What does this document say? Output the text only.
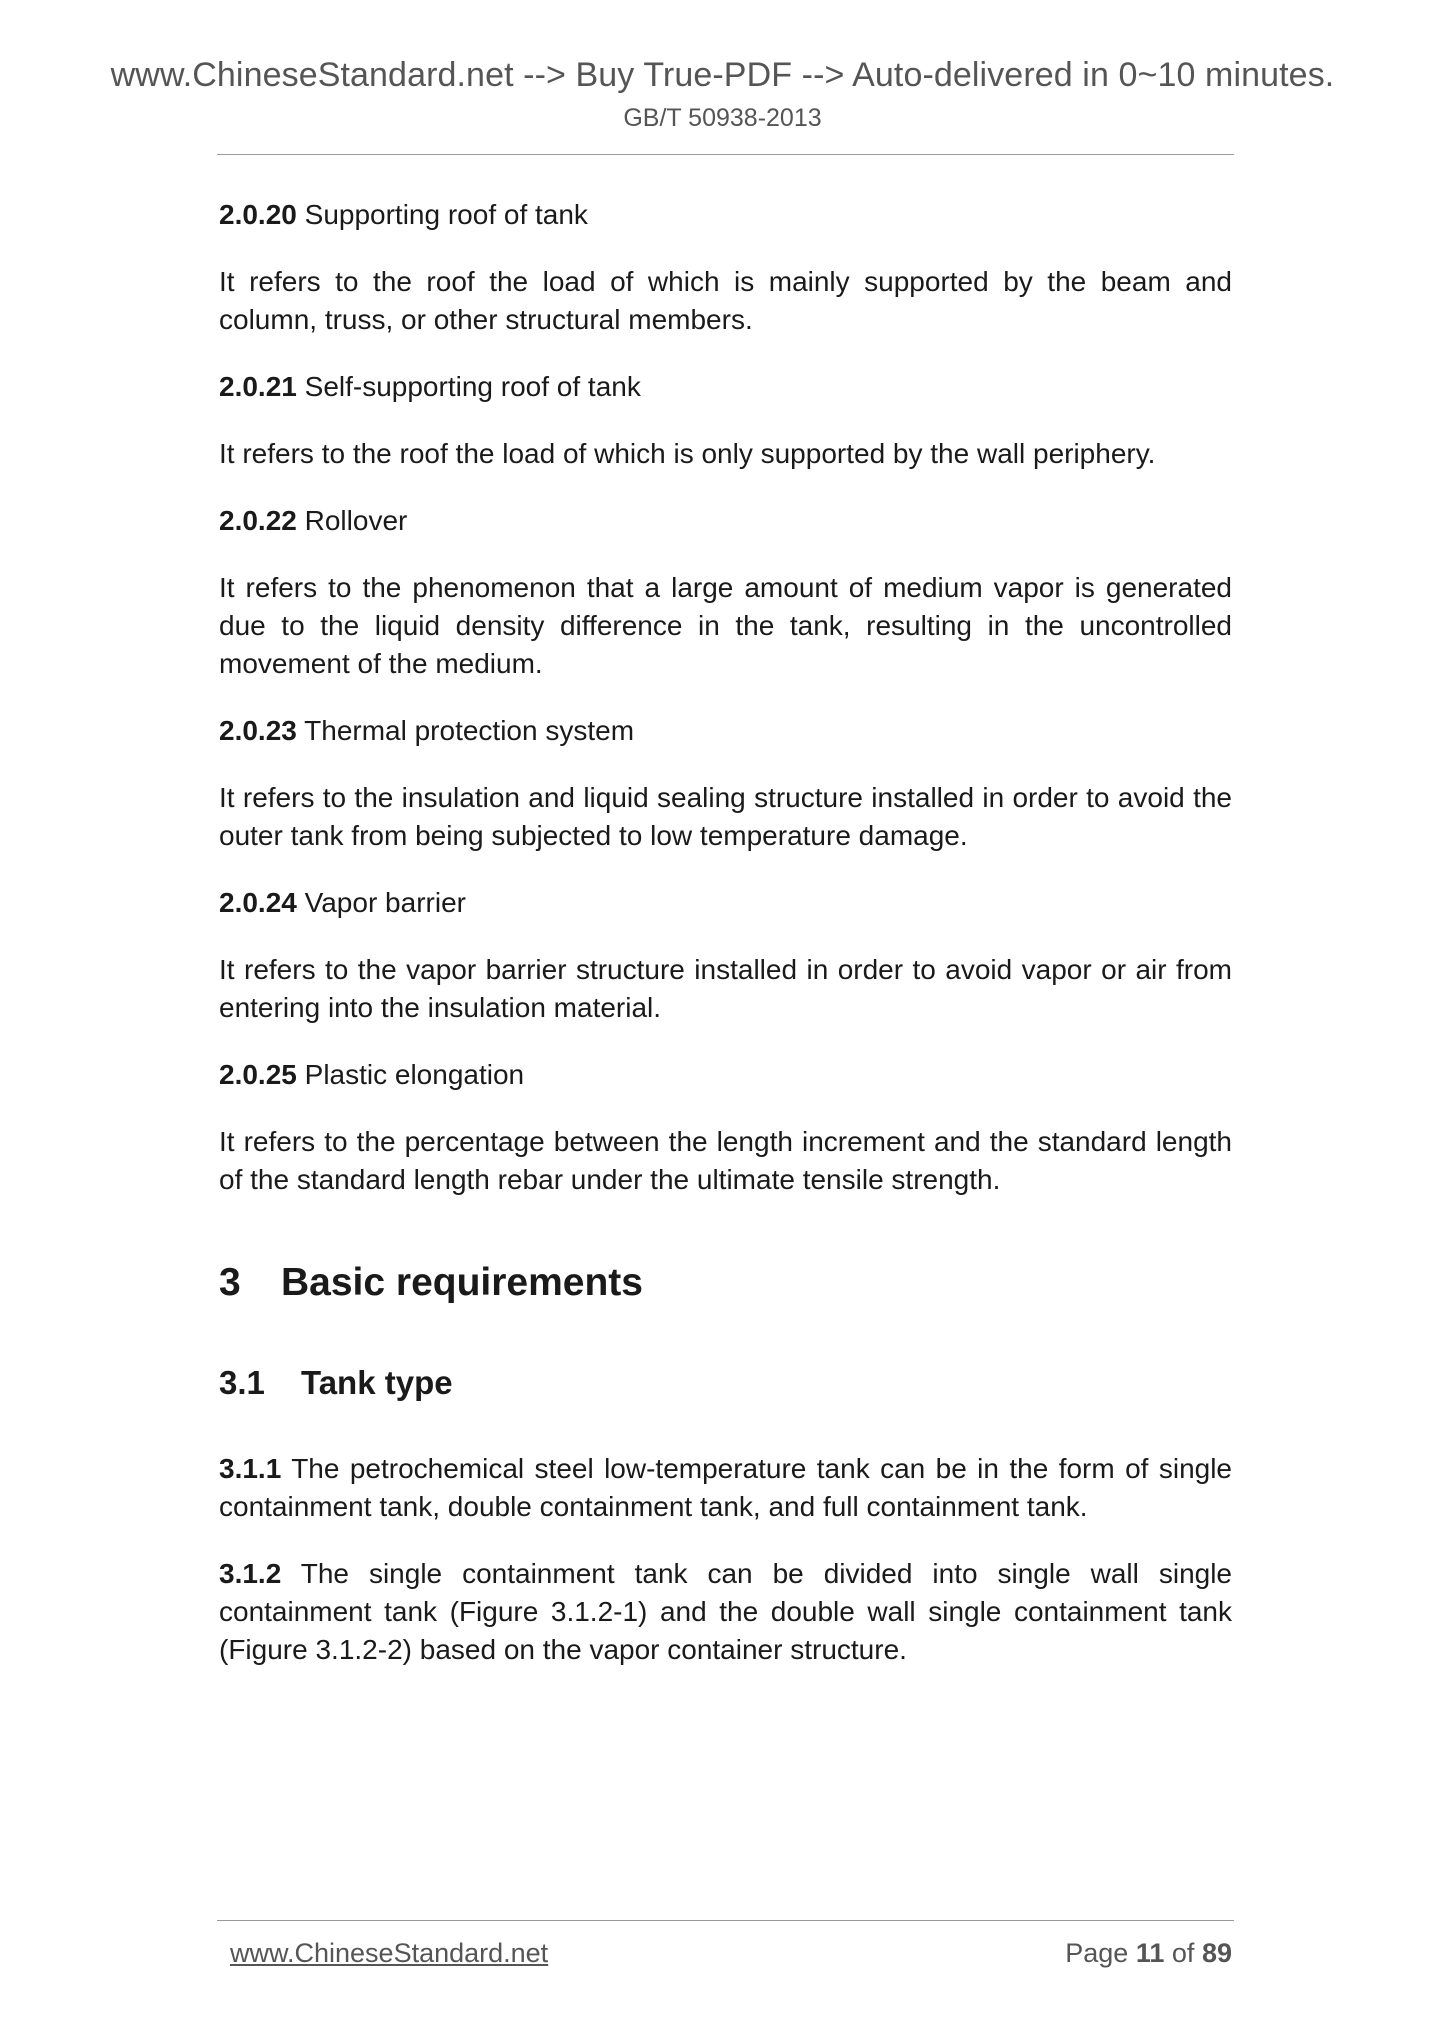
www.ChineseStandard.net --> Buy True-PDF --> Auto-delivered in 0~10 minutes.
GB/T 50938-2013
2.0.20 Supporting roof of tank
It refers to the roof the load of which is mainly supported by the beam and column, truss, or other structural members.
2.0.21 Self-supporting roof of tank
It refers to the roof the load of which is only supported by the wall periphery.
2.0.22 Rollover
It refers to the phenomenon that a large amount of medium vapor is generated due to the liquid density difference in the tank, resulting in the uncontrolled movement of the medium.
2.0.23 Thermal protection system
It refers to the insulation and liquid sealing structure installed in order to avoid the outer tank from being subjected to low temperature damage.
2.0.24 Vapor barrier
It refers to the vapor barrier structure installed in order to avoid vapor or air from entering into the insulation material.
2.0.25 Plastic elongation
It refers to the percentage between the length increment and the standard length of the standard length rebar under the ultimate tensile strength.
3 Basic requirements
3.1 Tank type
3.1.1 The petrochemical steel low-temperature tank can be in the form of single containment tank, double containment tank, and full containment tank.
3.1.2 The single containment tank can be divided into single wall single containment tank (Figure 3.1.2-1) and the double wall single containment tank (Figure 3.1.2-2) based on the vapor container structure.
www.ChineseStandard.net	Page 11 of 89
